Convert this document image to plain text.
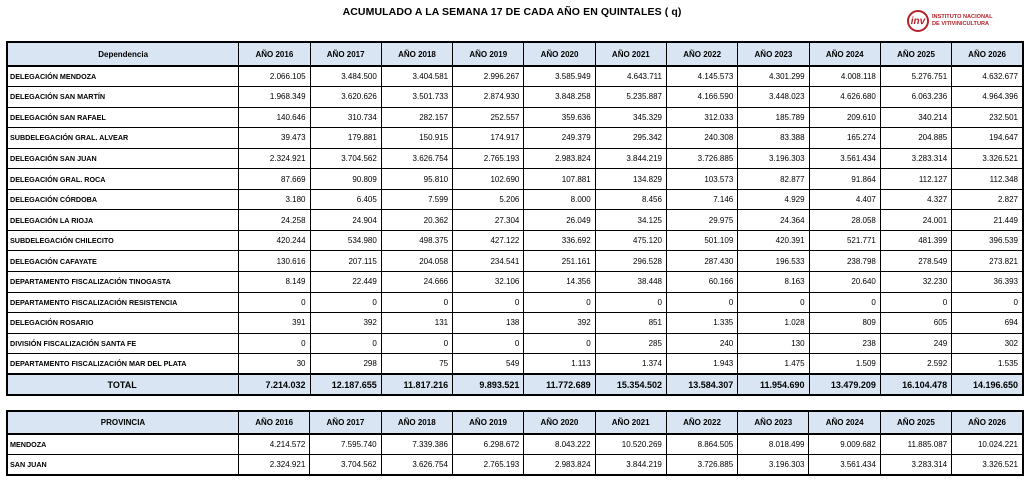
ACUMULADO A LA SEMANA 17 DE CADA AÑO EN QUINTALES ( q)
inv	INSTITUTO NACIONAL
DE VITIVINICULTURA
Dependencia	AÑO 2016	AÑO 2017	AÑO 2018	AÑO 2019	AÑO 2020	AÑO 2021	AÑO 2022	AÑO 2023	AÑO 2024	AÑO 2025	AÑO 2026
DELEGACIÓN MENDOZA	2.066.105	3.484.500	3.404.581	2.996.267	3.585.949	4.643.711	4.145.573	4.301.299	4.008.118	5.276.751	4.632.677
DELEGACIÓN SAN MARTÍN	1.968.349	3.620.626	3.501.733	2.874.930	3.848.258	5.235.887	4.166.590	3.448.023	4.626.680	6.063.236	4.964.396
DELEGACIÓN SAN RAFAEL	140.646	310.734	282.157	252.557	359.636	345.329	312.033	185.789	209.610	340.214	232.501
SUBDELEGACIÓN GRAL. ALVEAR	39.473	179.881	150.915	174.917	249.379	295.342	240.308	83.388	165.274	204.885	194.647
DELEGACIÓN SAN JUAN	2.324.921	3.704.562	3.626.754	2.765.193	2.983.824	3.844.219	3.726.885	3.196.303	3.561.434	3.283.314	3.326.521
DELEGACIÓN GRAL. ROCA	87.669	90.809	95.810	102.690	107.881	134.829	103.573	82.877	91.864	112.127	112.348
DELEGACIÓN CÓRDOBA	3.180	6.405	7.599	5.206	8.000	8.456	7.146	4.929	4.407	4.327	2.827
DELEGACIÓN LA RIOJA	24.258	24.904	20.362	27.304	26.049	34.125	29.975	24.364	28.058	24.001	21.449
SUBDELEGACIÓN CHILECITO	420.244	534.980	498.375	427.122	336.692	475.120	501.109	420.391	521.771	481.399	396.539
DELEGACIÓN CAFAYATE	130.616	207.115	204.058	234.541	251.161	296.528	287.430	196.533	238.798	278.549	273.821
DEPARTAMENTO FISCALIZACIÓN TINOGASTA	8.149	22.449	24.666	32.106	14.356	38.448	60.166	8.163	20.640	32.230	36.393
DEPARTAMENTO FISCALIZACIÓN RESISTENCIA	0	0	0	0	0	0	0	0	0	0	0
DELEGACIÓN ROSARIO	391	392	131	138	392	851	1.335	1.028	809	605	694
DIVISIÓN FISCALIZACIÓN SANTA FE	0	0	0	0	0	285	240	130	238	249	302
DEPARTAMENTO FISCALIZACIÓN MAR DEL PLATA	30	298	75	549	1.113	1.374	1.943	1.475	1.509	2.592	1.535
TOTAL	7.214.032	12.187.655	11.817.216	9.893.521	11.772.689	15.354.502	13.584.307	11.954.690	13.479.209	16.104.478	14.196.650
PROVINCIA	AÑO 2016	AÑO 2017	AÑO 2018	AÑO 2019	AÑO 2020	AÑO 2021	AÑO 2022	AÑO 2023	AÑO 2024	AÑO 2025	AÑO 2026
MENDOZA	4.214.572	7.595.740	7.339.386	6.298.672	8.043.222	10.520.269	8.864.505	8.018.499	9.009.682	11.885.087	10.024.221
SAN JUAN	2.324.921	3.704.562	3.626.754	2.765.193	2.983.824	3.844.219	3.726.885	3.196.303	3.561.434	3.283.314	3.326.521
